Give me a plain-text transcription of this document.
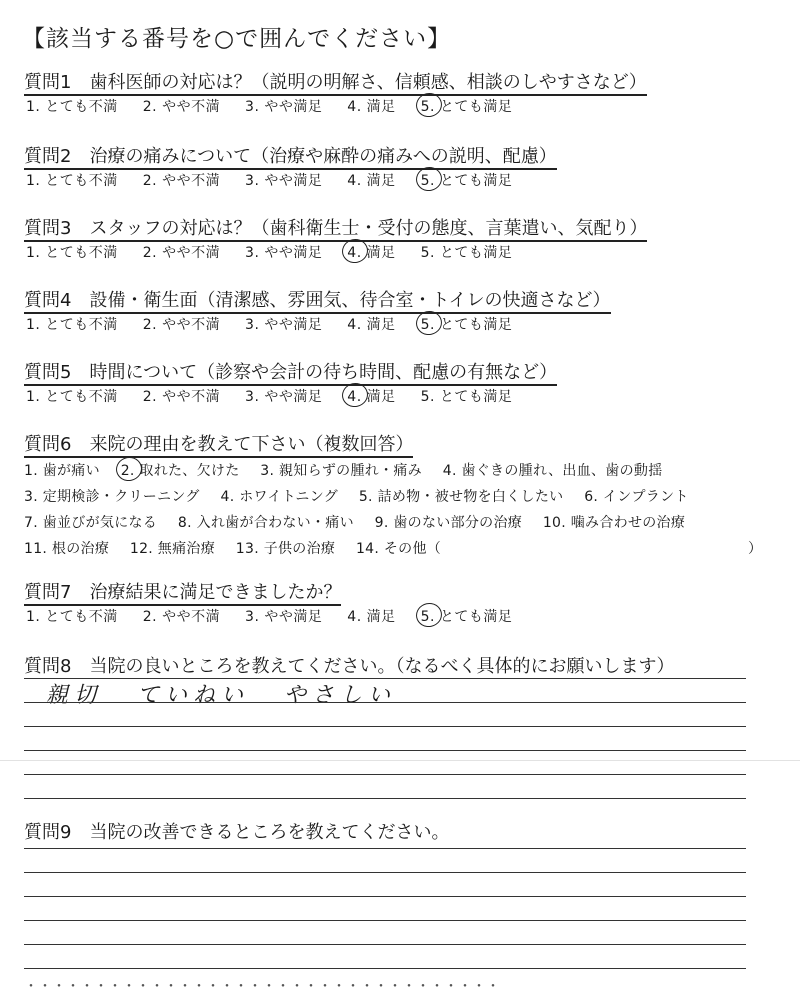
【該当する番号を○で囲んでください】
質問1　 歯科医師の対応は？（説明の明解さ、信頼感、相談のしやすさなど）
1. とても不満 2. やや不満 3. やや満足 4. 満足 5. とても満足
質問2　 治療の痛みについて（治療や麻酔の痛みへの説明、配慮）
1. とても不満 2. やや不満 3. やや満足 4. 満足 5. とても満足
質問3　 スタッフの対応は？（歯科衛生士・受付の態度、言葉遣い、気配り）
1. とても不満 2. やや不満 3. やや満足 4. 満足 5. とても満足
質問4　 設備・衛生面（清潔感、雰囲気、待合室・トイレの快適さなど）
1. とても不満 2. やや不満 3. やや満足 4. 満足 5. とても満足
質問5　 時間について（診察や会計の待ち時間、配慮の有無など）
1. とても不満 2. やや不満 3. やや満足 4. 満足 5. とても満足
質問6　 来院の理由を教えて下さい（複数回答）
1. 歯が痛い 2. 取れた、欠けた 3. 親知らずの腫れ・痛み 4. 歯ぐきの腫れ、出血、歯の動揺
3. 定期検診・クリーニング 4. ホワイトニング 5. 詰め物・被せ物を白くしたい 6. インプラント
7. 歯並びが気になる 8. 入れ歯が合わない・痛い 9. 歯のない部分の治療 10. 噛み合わせの治療
11. 根の治療 12. 無痛治療 13. 子供の治療 14. その他（	）
質問7　 治療結果に満足できましたか？
1. とても不満 2. やや不満 3. やや満足 4. 満足 5. とても満足
質問8　 当院の良いところを教えてください。（なるべく具体的にお願いします）
親切 ていねい やさしい
質問9　 当院の改善できるところを教えてください。
・・・・・・・・・・・・・・・・・・・・・・・・・・・・・・・・・・
